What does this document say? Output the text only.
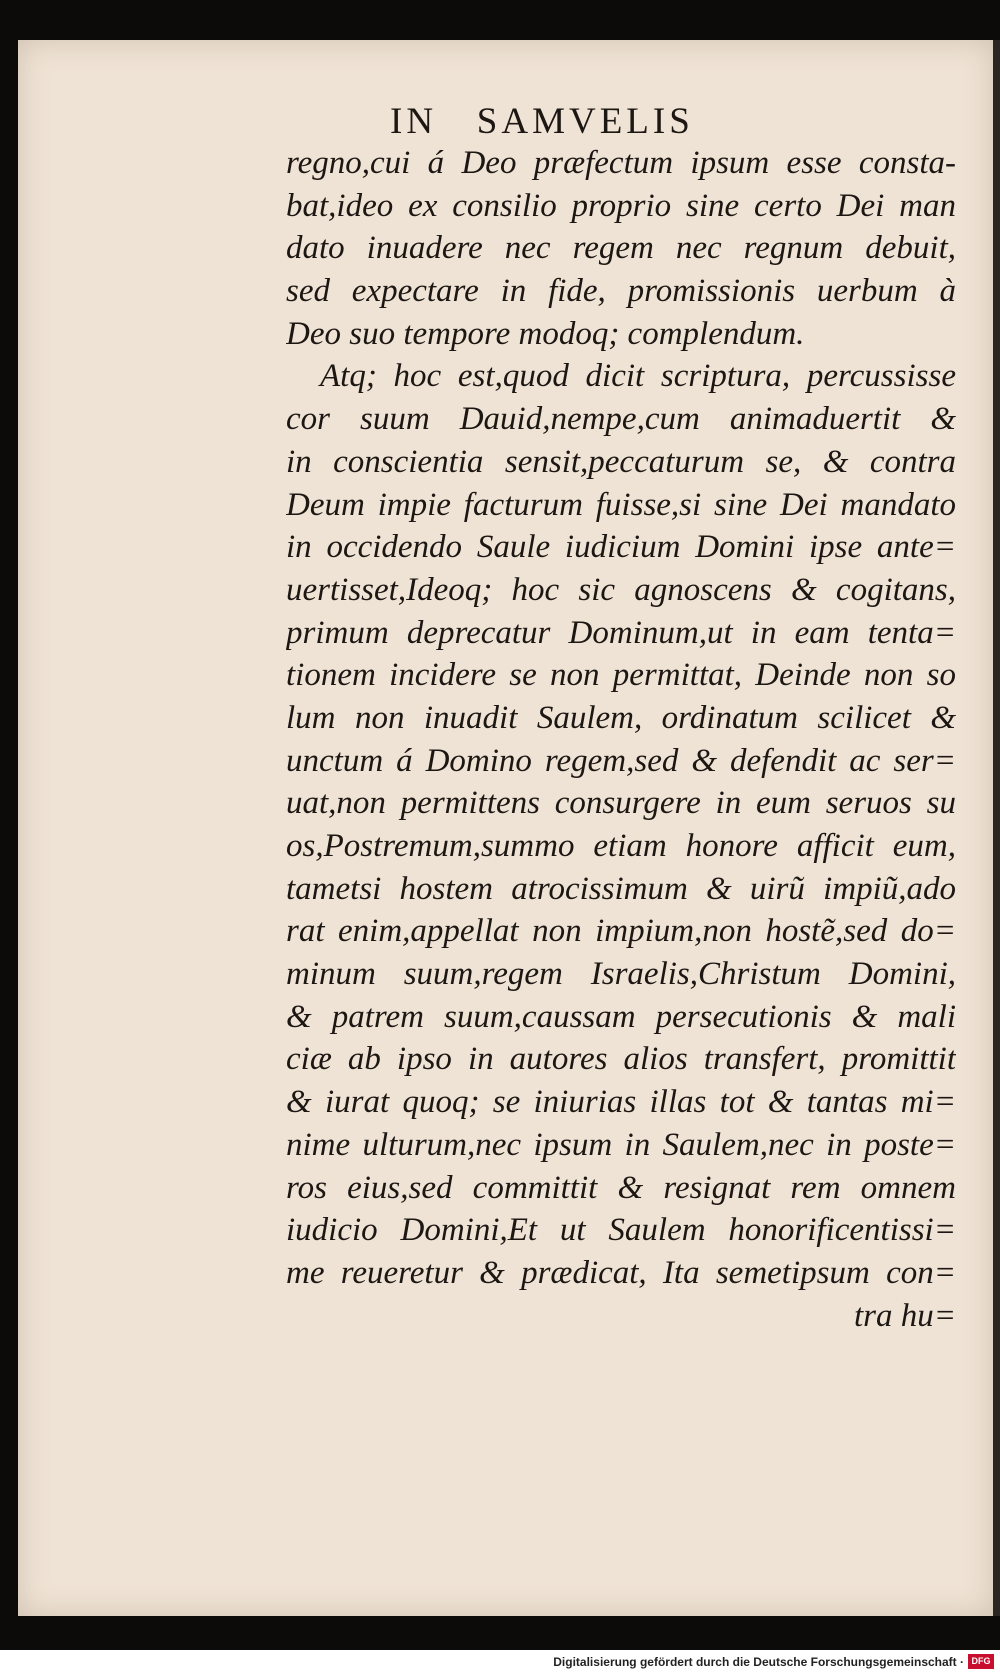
IN   SAMVELIS
regno,cui á Deo præfectum ipsum esse consta-
bat,ideo ex consilio proprio sine certo Dei man
dato inuadere nec regem nec regnum debuit,
sed expectare in fide, promissionis uerbum à
Deo suo tempore modoq; complendum.
Atq; hoc est,quod dicit scriptura, percussisse
cor suum Dauid,nempe,cum animaduertit &
in conscientia sensit,peccaturum se, & contra
Deum impie facturum fuisse,si sine Dei mandato
in occidendo Saule iudicium Domini ipse ante=
uertisset,Ideoq; hoc sic agnoscens & cogitans,
primum deprecatur Dominum,ut in eam tenta=
tionem incidere se non permittat, Deinde non so
lum non inuadit Saulem, ordinatum scilicet &
unctum á Domino regem,sed & defendit ac ser=
uat,non permittens consurgere in eum seruos su
os,Postremum,summo etiam honore afficit eum,
tametsi hostem atrocissimum & uirũ impiũ,ado
rat enim,appellat non impium,non hostẽ,sed do=
minum suum,regem Israelis,Christum Domini,
& patrem suum,caussam persecutionis & mali
ciæ ab ipso in autores alios transfert, promittit
& iurat quoq; se iniurias illas tot & tantas mi=
nime ulturum,nec ipsum in Saulem,nec in poste=
ros eius,sed committit & resignat rem omnem
iudicio Domini,Et ut Saulem honorificentissi=
me reueretur & prædicat, Ita semetipsum con=
tra hu=
Digitalisierung gefördert durch die Deutsche Forschungsgemeinschaft · DFG
